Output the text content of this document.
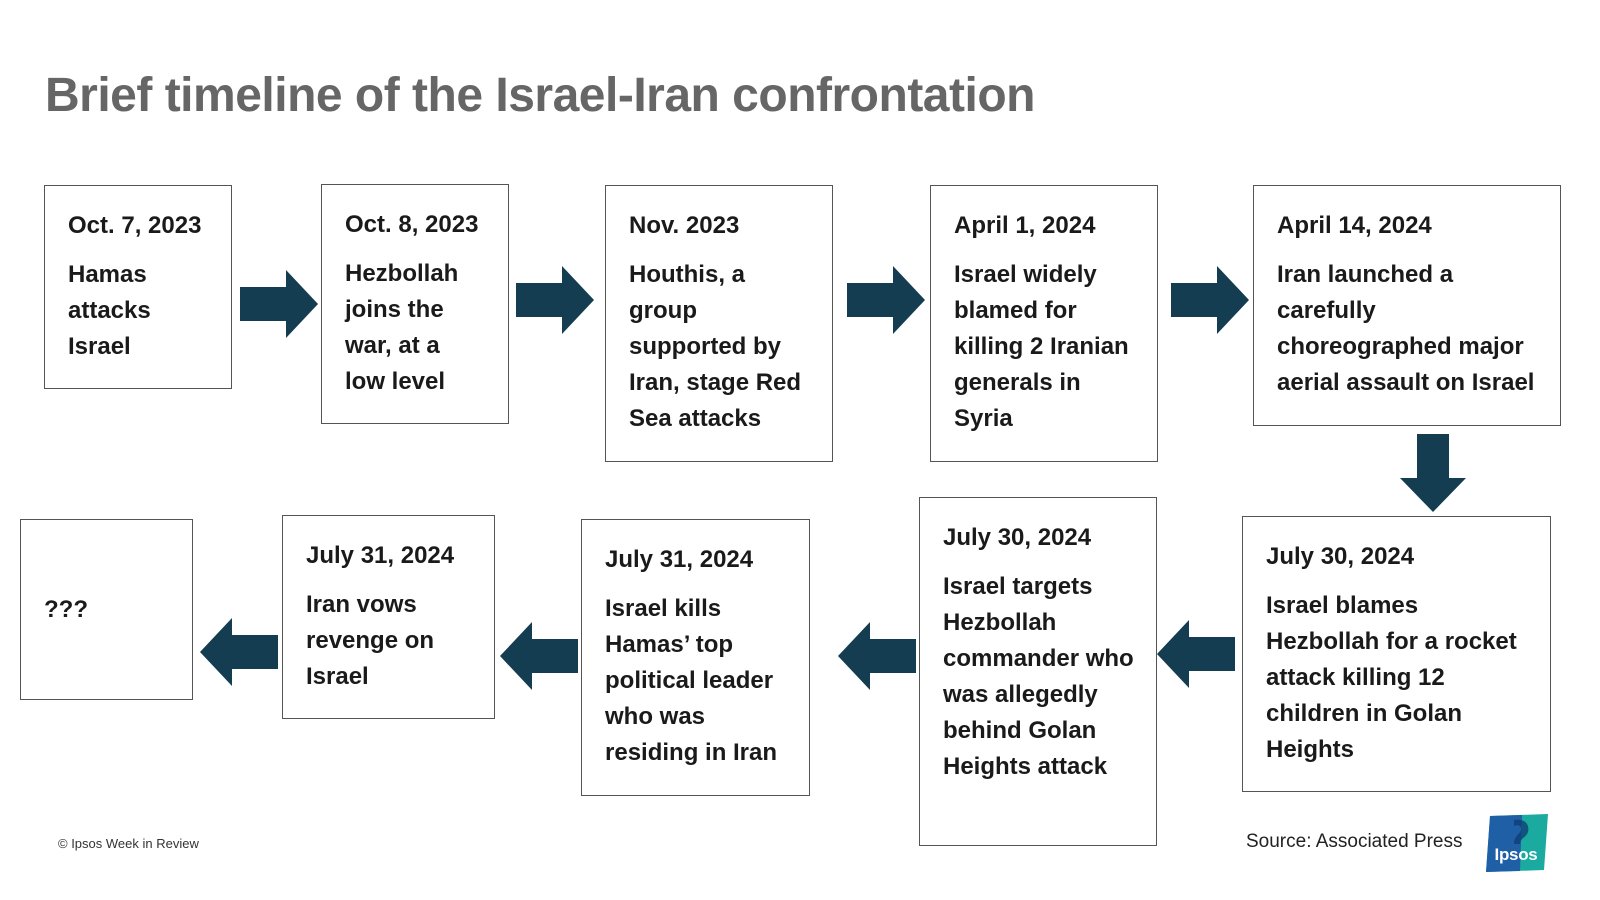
Brief timeline of the Israel-Iran confrontation
Oct. 7, 2023
Hamas attacks Israel
Oct. 8, 2023
Hezbollah joins the war, at a low level
Nov. 2023
Houthis, a group supported by Iran, stage Red Sea attacks
April 1, 2024
Israel widely blamed for killing 2 Iranian generals in Syria
April 14, 2024
Iran launched a carefully choreographed major aerial assault on Israel
July 30, 2024
Israel blames Hezbollah for a rocket attack killing 12 children in Golan Heights
July 30, 2024
Israel targets Hezbollah commander who was allegedly behind Golan Heights attack
July 31, 2024
Israel kills Hamas’ top political leader who was residing in Iran
July 31, 2024
Iran vows revenge on Israel
???
© Ipsos Week in Review	Source: Associated Press
Ipsos
